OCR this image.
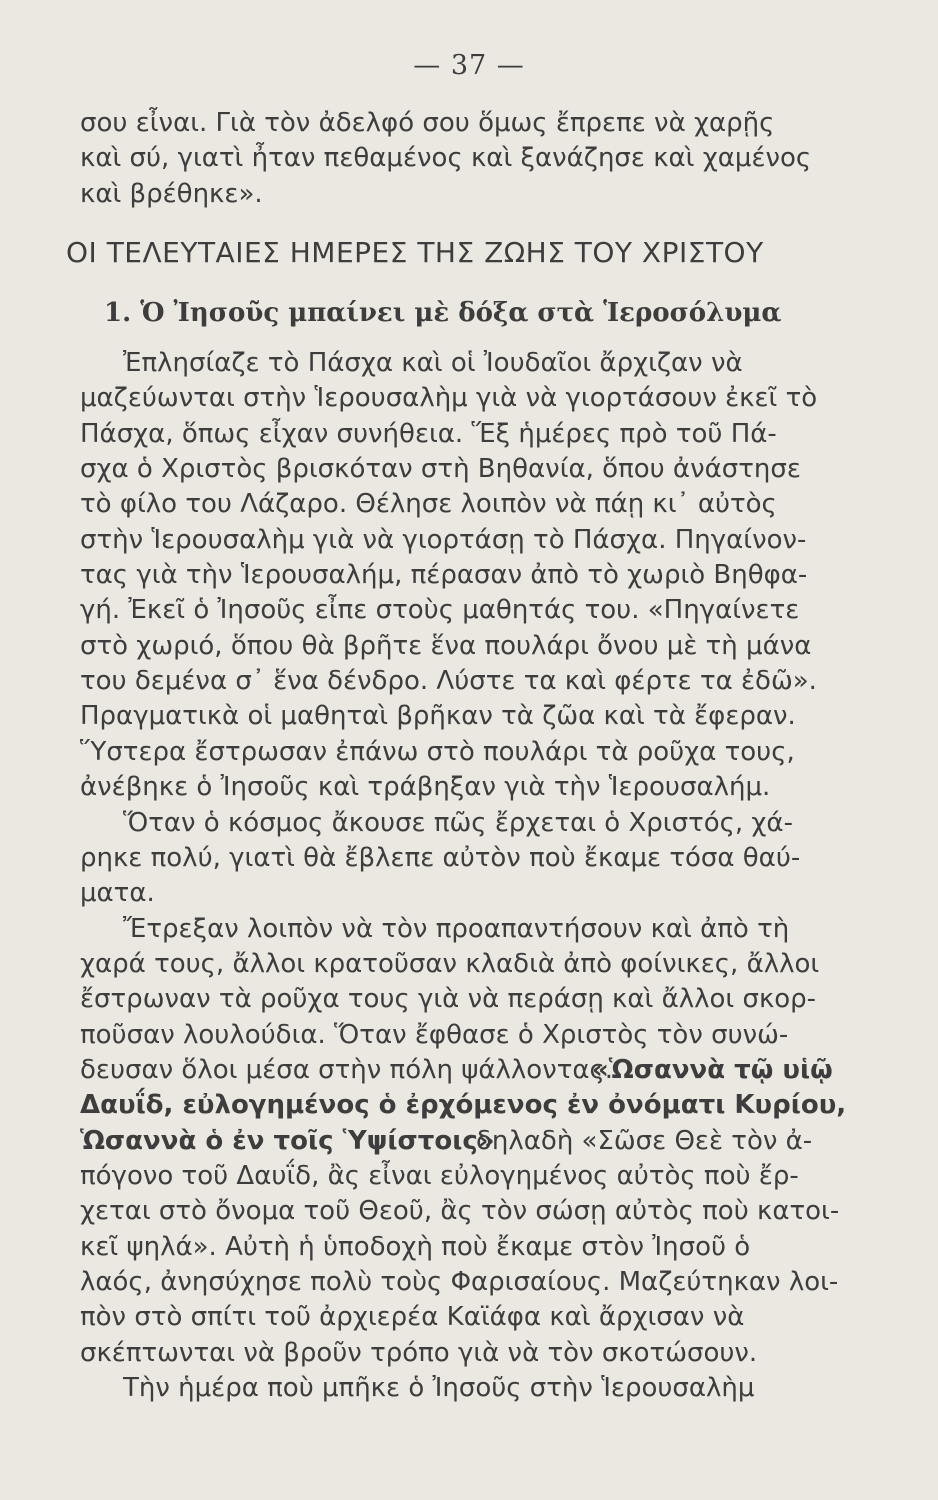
— 37 —
σου εἶναι. Γιὰ τὸν ἀδελφό σου ὅμως ἔπρεπε νὰ χαρῇς
καὶ σύ, γιατὶ ἦταν πεθαμένος καὶ ξανάζησε καὶ χαμένος
καὶ βρέθηκε».
ΟΙ ΤΕΛΕΥΤΑΙΕΣ ΗΜΕΡΕΣ ΤΗΣ ΖΩΗΣ ΤΟΥ ΧΡΙΣΤΟΥ
1. Ὁ Ἰησοῦς μπαίνει μὲ δόξα στὰ Ἱεροσόλυμα
Ἐπλησίαζε τὸ Πάσχα καὶ οἱ Ἰουδαῖοι ἄρχιζαν νὰ
μαζεύωνται στὴν Ἱερουσαλὴμ γιὰ νὰ γιορτάσουν ἐκεῖ τὸ
Πάσχα, ὅπως εἶχαν συνήθεια. Ἕξ ἡμέρες πρὸ τοῦ Πά-
σχα ὁ Χριστὸς βρισκόταν στὴ Βηθανία, ὅπου ἀνάστησε
τὸ φίλο του Λάζαρο. Θέλησε λοιπὸν νὰ πάῃ κι᾿ αὐτὸς
στὴν Ἱερουσαλὴμ γιὰ νὰ γιορτάσῃ τὸ Πάσχα. Πηγαίνον-
τας γιὰ τὴν Ἱερουσαλήμ, πέρασαν ἀπὸ τὸ χωριὸ Βηθφα-
γή. Ἐκεῖ ὁ Ἰησοῦς εἶπε στοὺς μαθητάς του. «Πηγαίνετε
στὸ χωριό, ὅπου θὰ βρῆτε ἕνα πουλάρι ὄνου μὲ τὴ μάνα
του δεμένα σ᾿ ἕνα δένδρο. Λύστε τα καὶ φέρτε τα ἐδῶ».
Πραγματικὰ οἱ μαθηταὶ βρῆκαν τὰ ζῶα καὶ τὰ ἔφεραν.
Ὕστερα ἔστρωσαν ἐπάνω στὸ πουλάρι τὰ ροῦχα τους,
ἀνέβηκε ὁ Ἰησοῦς καὶ τράβηξαν γιὰ τὴν Ἱερουσαλήμ.
Ὅταν ὁ κόσμος ἄκουσε πῶς ἔρχεται ὁ Χριστός, χά-
ρηκε πολύ, γιατὶ θὰ ἔβλεπε αὐτὸν ποὺ ἔκαμε τόσα θαύ-
ματα.
Ἔτρεξαν λοιπὸν νὰ τὸν προαπαντήσουν καὶ ἀπὸ τὴ
χαρά τους, ἄλλοι κρατοῦσαν κλαδιὰ ἀπὸ φοίνικες, ἄλλοι
ἔστρωναν τὰ ροῦχα τους γιὰ νὰ περάσῃ καὶ ἄλλοι σκορ-
ποῦσαν λουλούδια. Ὅταν ἔφθασε ὁ Χριστὸς τὸν συνώ-
δευσαν ὅλοι μέσα στὴν πόλη ψάλλοντας.
«Ὡσαννὰ τῷ υἱῷ
Δαυΐδ, εὐλογημένος ὁ ἐρχόμενος ἐν ὀνόματι Κυρίου,
Ὡσαννὰ ὁ ἐν τοῖς Ὑψίστοις»
δηλαδὴ «Σῶσε Θεὲ τὸν ἀ-
πόγονο τοῦ Δαυΐδ, ἂς εἶναι εὐλογημένος αὐτὸς ποὺ ἔρ-
χεται στὸ ὄνομα τοῦ Θεοῦ, ἂς τὸν σώσῃ αὐτὸς ποὺ κατοι-
κεῖ ψηλά». Αὐτὴ ἡ ὑποδοχὴ ποὺ ἔκαμε στὸν Ἰησοῦ ὁ
λαός, ἀνησύχησε πολὺ τοὺς Φαρισαίους. Μαζεύτηκαν λοι-
πὸν στὸ σπίτι τοῦ ἀρχιερέα Καϊάφα καὶ ἄρχισαν νὰ
σκέπτωνται νὰ βροῦν τρόπο γιὰ νὰ τὸν σκοτώσουν.
Τὴν ἡμέρα ποὺ μπῆκε ὁ Ἰησοῦς στὴν Ἱερουσαλὴμ
